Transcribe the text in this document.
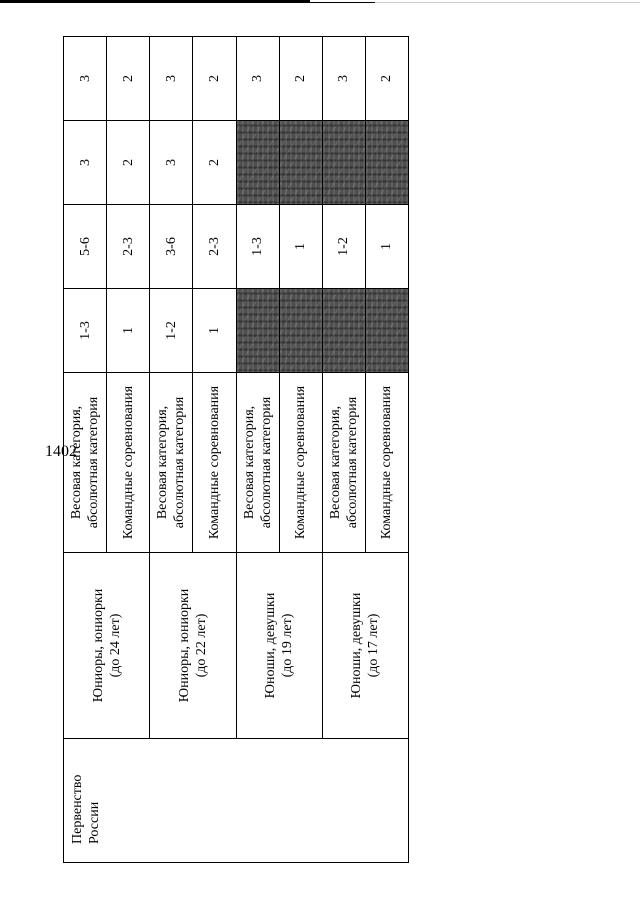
1402
Первенство России	Юниоры, юниорки (до 24 лет)	Весовая категория, абсолютная категория	1-3	5-6	3	3
		Командные соревнования	1	2-3	2	2
	Юниоры, юниорки (до 22 лет)	Весовая категория, абсолютная категория	1-2	3-6	3	3
		Командные соревнования	1	2-3	2	2
	Юноши, девушки (до 19 лет)	Весовая категория, абсолютная категория		1-3		3
		Командные соревнования		1		2
	Юноши, девушки (до 17 лет)	Весовая категория, абсолютная категория		1-2		3
		Командные соревнования		1		2
